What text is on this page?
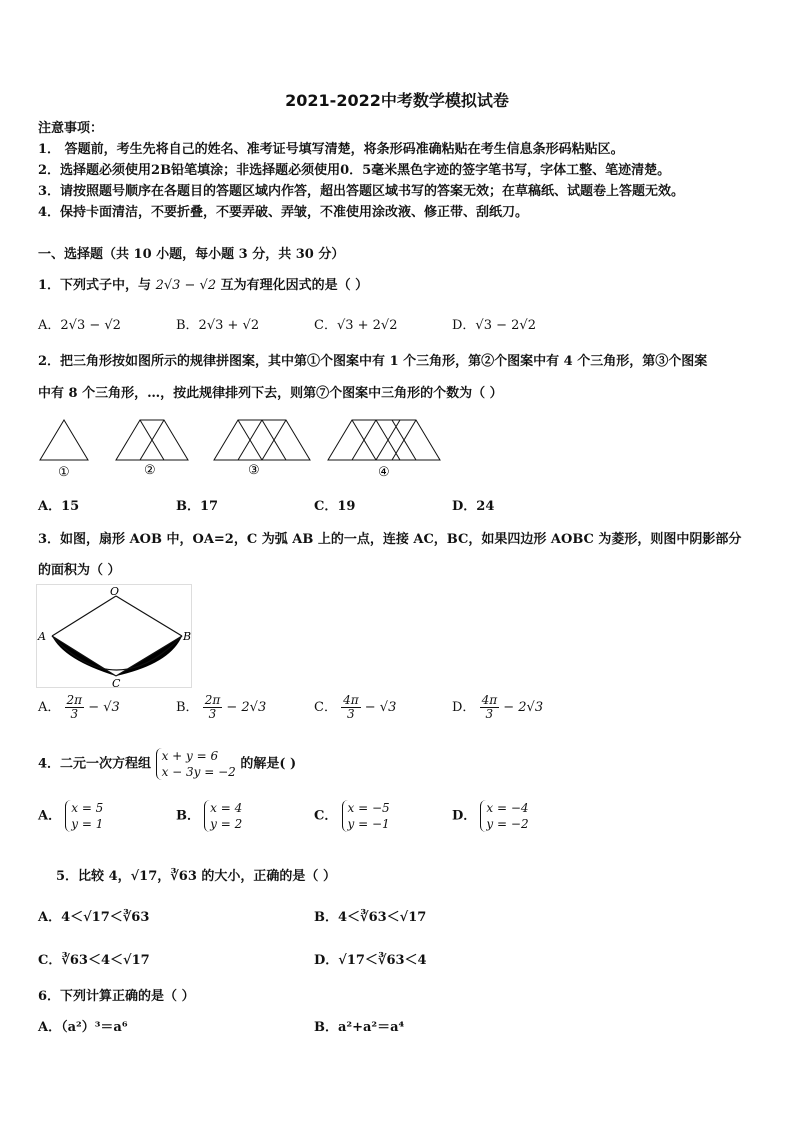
2021-2022中考数学模拟试卷
注意事项：
1． 答题前，考生先将自己的姓名、准考证号填写清楚，将条形码准确粘贴在考生信息条形码粘贴区。
2．选择题必须使用2B铅笔填涂；非选择题必须使用0．5毫米黑色字迹的签字笔书写，字体工整、笔迹清楚。
3．请按照题号顺序在各题目的答题区域内作答，超出答题区域书写的答案无效；在草稿纸、试题卷上答题无效。
4．保持卡面清洁，不要折叠，不要弄破、弄皱，不准使用涂改液、修正带、刮纸刀。
一、选择题（共 10 小题，每小题 3 分，共 30 分）
1．下列式子中，与 2√3 − √2 互为有理化因式的是（ ）
A．2√3 − √2	B．2√3 + √2	C．√3 + 2√2	D．√3 − 2√2
2．把三角形按如图所示的规律拼图案，其中第①个图案中有 1 个三角形，第②个图案中有 4 个三角形，第③个图案
中有 8 个三角形，…，按此规律排列下去，则第⑦个图案中三角形的个数为（ ）
①	②	③	④
A．15	B．17	C．19	D．24
3．如图，扇形 AOB 中，OA=2，C 为弧 AB 上的一点，连接 AC，BC，如果四边形 AOBC 为菱形，则图中阴影部分
的面积为（ ）
O
A	B
C
A． $\frac{2\pi}{3} - √3$	B． $\frac{2\pi}{3} - 2√3$	C． $\frac{4\pi}{3} - √3$	D． $\frac{4\pi}{3} - 2√3$
4．二元一次方程组
x + y = 6
x − 3y = −2
的解是( )
A．
x = 5
y = 1
B．
x = 4
y = 2
C．
x = −5
y = −1
D．
x = −4
y = −2
5．比较 4，√17，∛63 的大小，正确的是（ ）
A．4＜√17＜∛63	B．4＜∛63＜√17
C．∛63＜4＜√17	D．√17＜∛63＜4
6．下列计算正确的是（ ）
A．（a²）³＝a⁶	B．a²+a²＝a⁴
